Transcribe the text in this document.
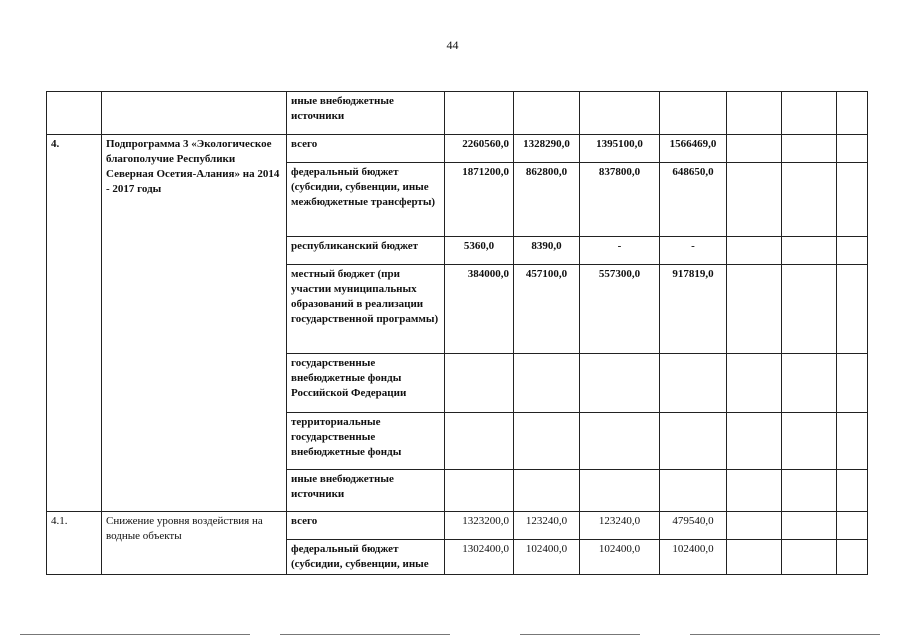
44
		иные внебюджетные источники							
4.	Подпрограмма 3 «Экологическое благополучие Республики Северная Осетия-Алания» на 2014 - 2017 годы	всего	2260560,0	1328290,0	1395100,0	1566469,0			
		федеральный бюджет (субсидии, субвенции, иные межбюджетные трансферты)	1871200,0	862800,0	837800,0	648650,0			
		республиканский бюджет	5360,0	8390,0	-	-			
		местный бюджет (при участии муниципальных образований в реализации государственной программы)	384000,0	457100,0	557300,0	917819,0			
		государственные внебюджетные фонды Российской Федерации							
		территориальные государственные внебюджетные фонды							
		иные внебюджетные источники							
4.1.	Снижение уровня воздействия на водные объекты	всего	1323200,0	123240,0	123240,0	479540,0			
		федеральный бюджет (субсидии, субвенции, иные	1302400,0	102400,0	102400,0	102400,0			
